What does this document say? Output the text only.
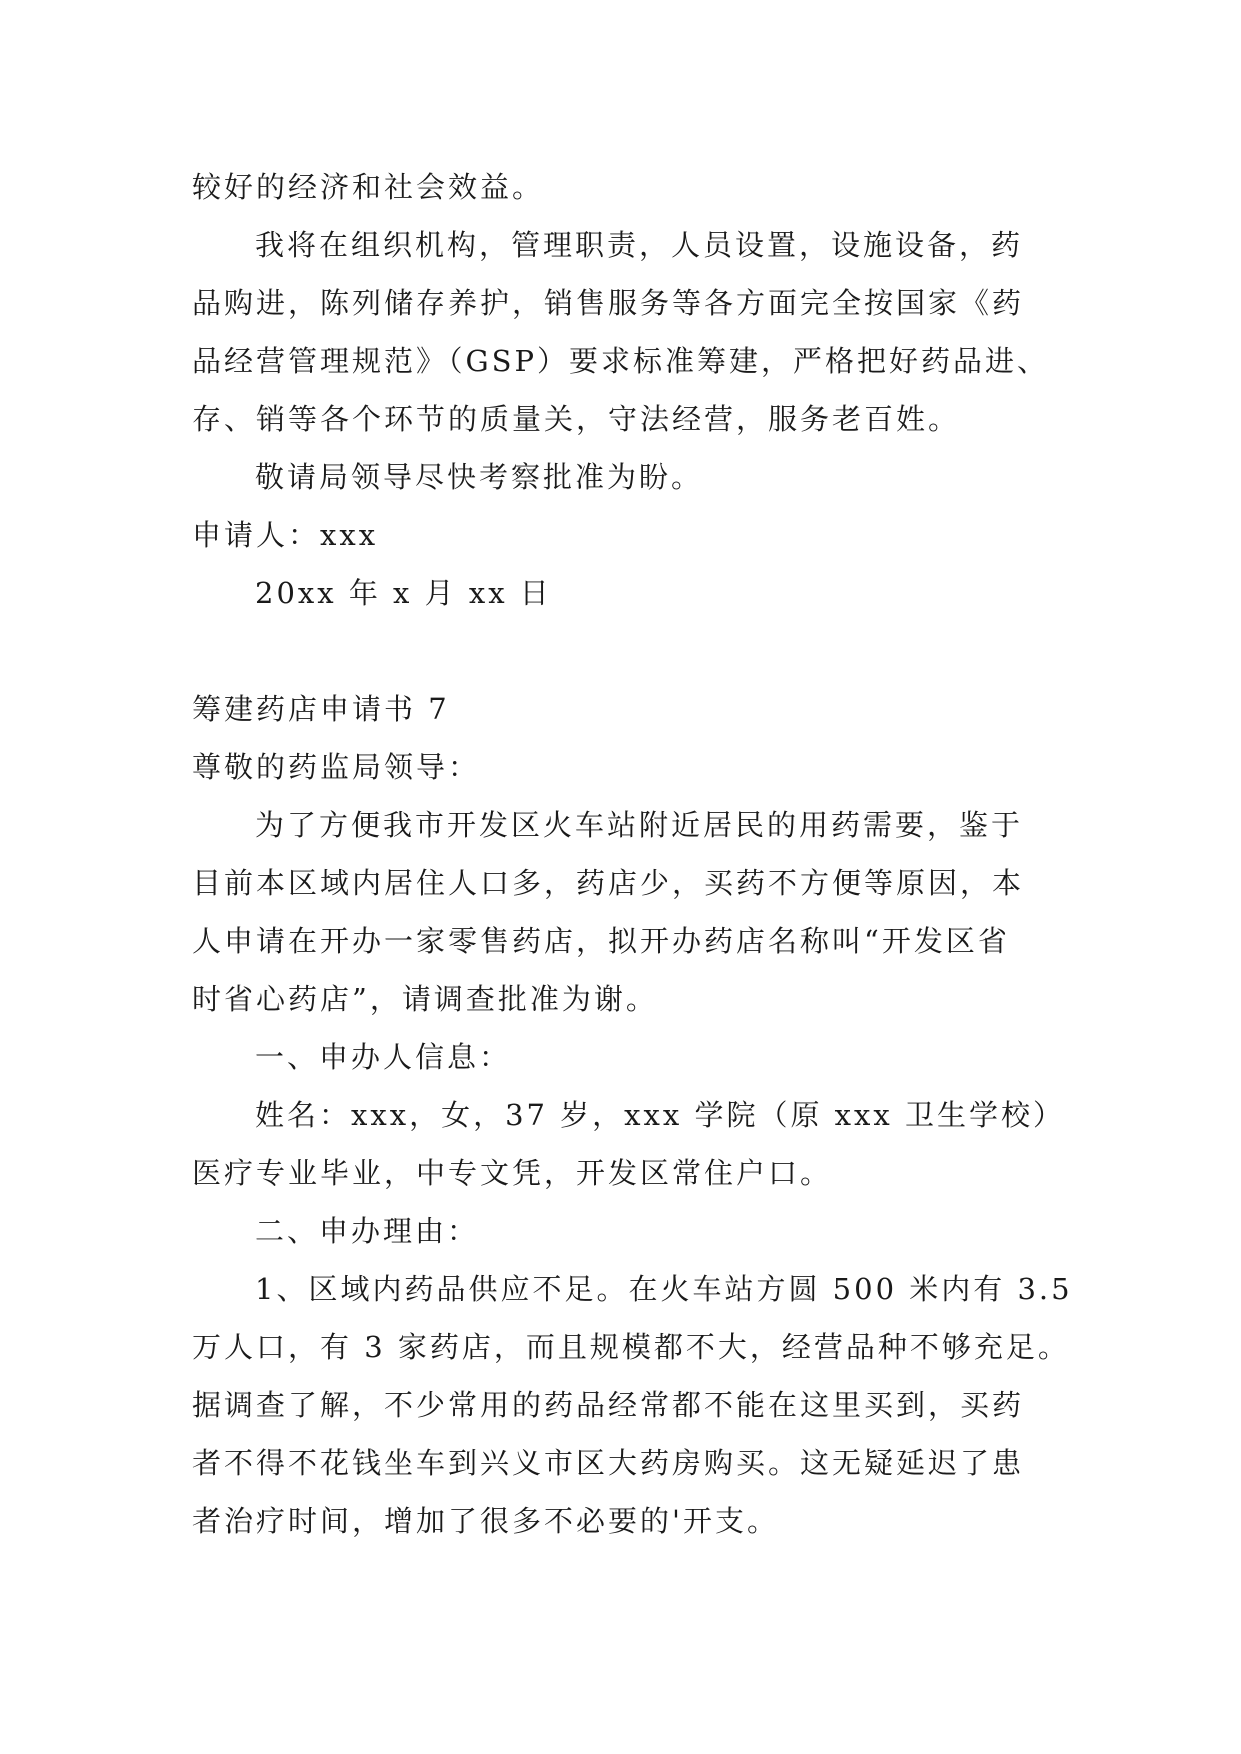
较好的经济和社会效益。

我将在组织机构，管理职责，人员设置，设施设备，药

品购进，陈列储存养护，销售服务等各方面完全按国家《药

品经营管理规范》（GSP）要求标准筹建，严格把好药品进、

存、销等各个环节的质量关，守法经营，服务老百姓。

敬请局领导尽快考察批准为盼。

申请人：xxx

20xx 年 x 月 xx 日

筹建药店申请书 7

尊敬的药监局领导：

为了方便我市开发区火车站附近居民的用药需要，鉴于

目前本区域内居住人口多，药店少，买药不方便等原因，本

人申请在开办一家零售药店，拟开办药店名称叫“开发区省

时省心药店”，请调查批准为谢。

一、申办人信息：

姓名：xxx，女，37 岁，xxx 学院（原 xxx 卫生学校）

医疗专业毕业，中专文凭，开发区常住户口。

二、申办理由：

1、区域内药品供应不足。在火车站方圆 500 米内有 3.5

万人口，有 3 家药店，而且规模都不大，经营品种不够充足。

据调查了解，不少常用的药品经常都不能在这里买到，买药

者不得不花钱坐车到兴义市区大药房购买。这无疑延迟了患

者治疗时间，增加了很多不必要的'开支。
